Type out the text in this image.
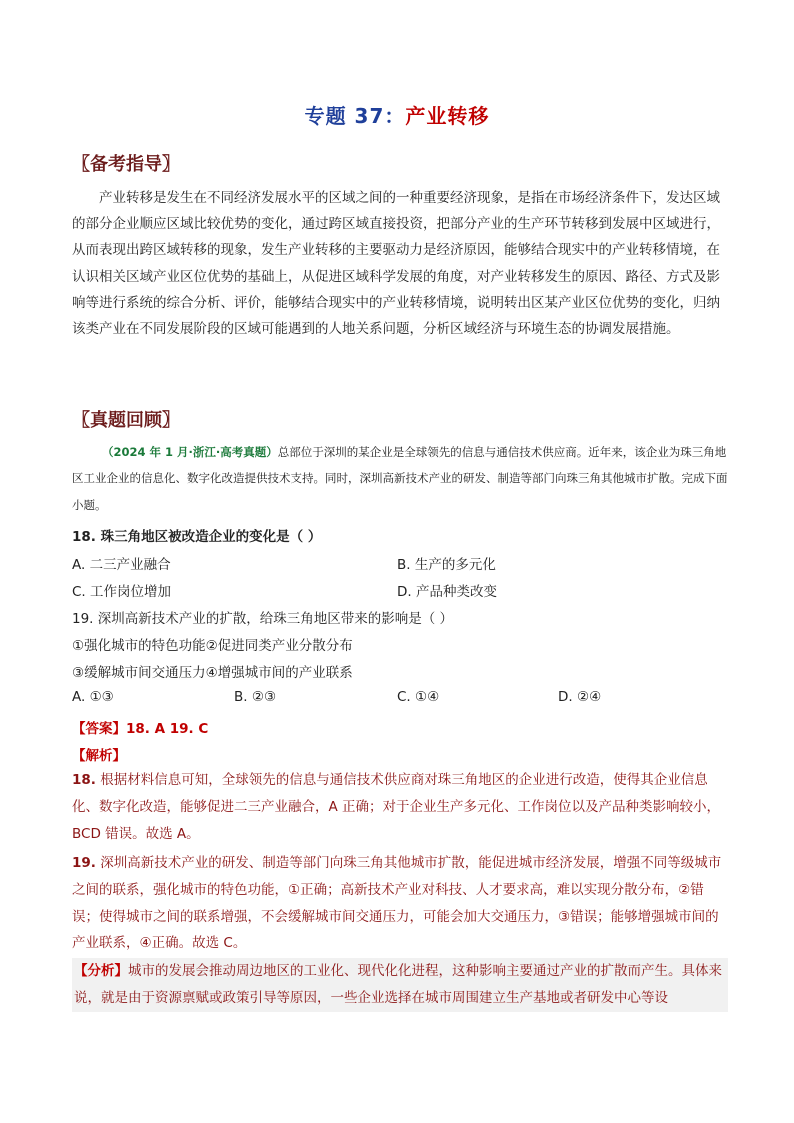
专题 37：产业转移
〖备考指导〗
产业转移是发生在不同经济发展水平的区域之间的一种重要经济现象，是指在市场经济条件下，发达区域的部分企业顺应区域比较优势的变化，通过跨区域直接投资，把部分产业的生产环节转移到发展中区域进行，从而表现出跨区域转移的现象，发生产业转移的主要驱动力是经济原因，能够结合现实中的产业转移情境，在认识相关区域产业区位优势的基础上，从促进区域科学发展的角度，对产业转移发生的原因、路径、方式及影响等进行系统的综合分析、评价，能够结合现实中的产业转移情境，说明转出区某产业区位优势的变化，归纳该类产业在不同发展阶段的区域可能遇到的人地关系问题，分析区域经济与环境生态的协调发展措施。
〖真题回顾〗
（2024 年 1 月·浙江·高考真题）总部位于深圳的某企业是全球领先的信息与通信技术供应商。近年来，该企业为珠三角地区工业企业的信息化、数字化改造提供技术支持。同时，深圳高新技术产业的研发、制造等部门向珠三角其他城市扩散。完成下面小题。
18. 珠三角地区被改造企业的变化是（ ）
A. 二三产业融合	B. 生产的多元化
C. 工作岗位增加	D. 产品种类改变
19. 深圳高新技术产业的扩散，给珠三角地区带来的影响是（ ）
①强化城市的特色功能②促进同类产业分散分布
③缓解城市间交通压力④增强城市间的产业联系
A. ①③	B. ②③	C. ①④	D. ②④
【答案】18. A 19. C
【解析】
18. 根据材料信息可知，全球领先的信息与通信技术供应商对珠三角地区的企业进行改造，使得其企业信息化、数字化改造，能够促进二三产业融合，A 正确；对于企业生产多元化、工作岗位以及产品种类影响较小，BCD 错误。故选 A。
19. 深圳高新技术产业的研发、制造等部门向珠三角其他城市扩散，能促进城市经济发展，增强不同等级城市之间的联系，强化城市的特色功能，①正确；高新技术产业对科技、人才要求高，难以实现分散分布，②错误；使得城市之间的联系增强，不会缓解城市间交通压力，可能会加大交通压力，③错误；能够增强城市间的产业联系，④正确。故选 C。
【分析】城市的发展会推动周边地区的工业化、现代化化进程，这种影响主要通过产业的扩散而产生。具体来说，就是由于资源禀赋或政策引导等原因，一些企业选择在城市周围建立生产基地或者研发中心等设
